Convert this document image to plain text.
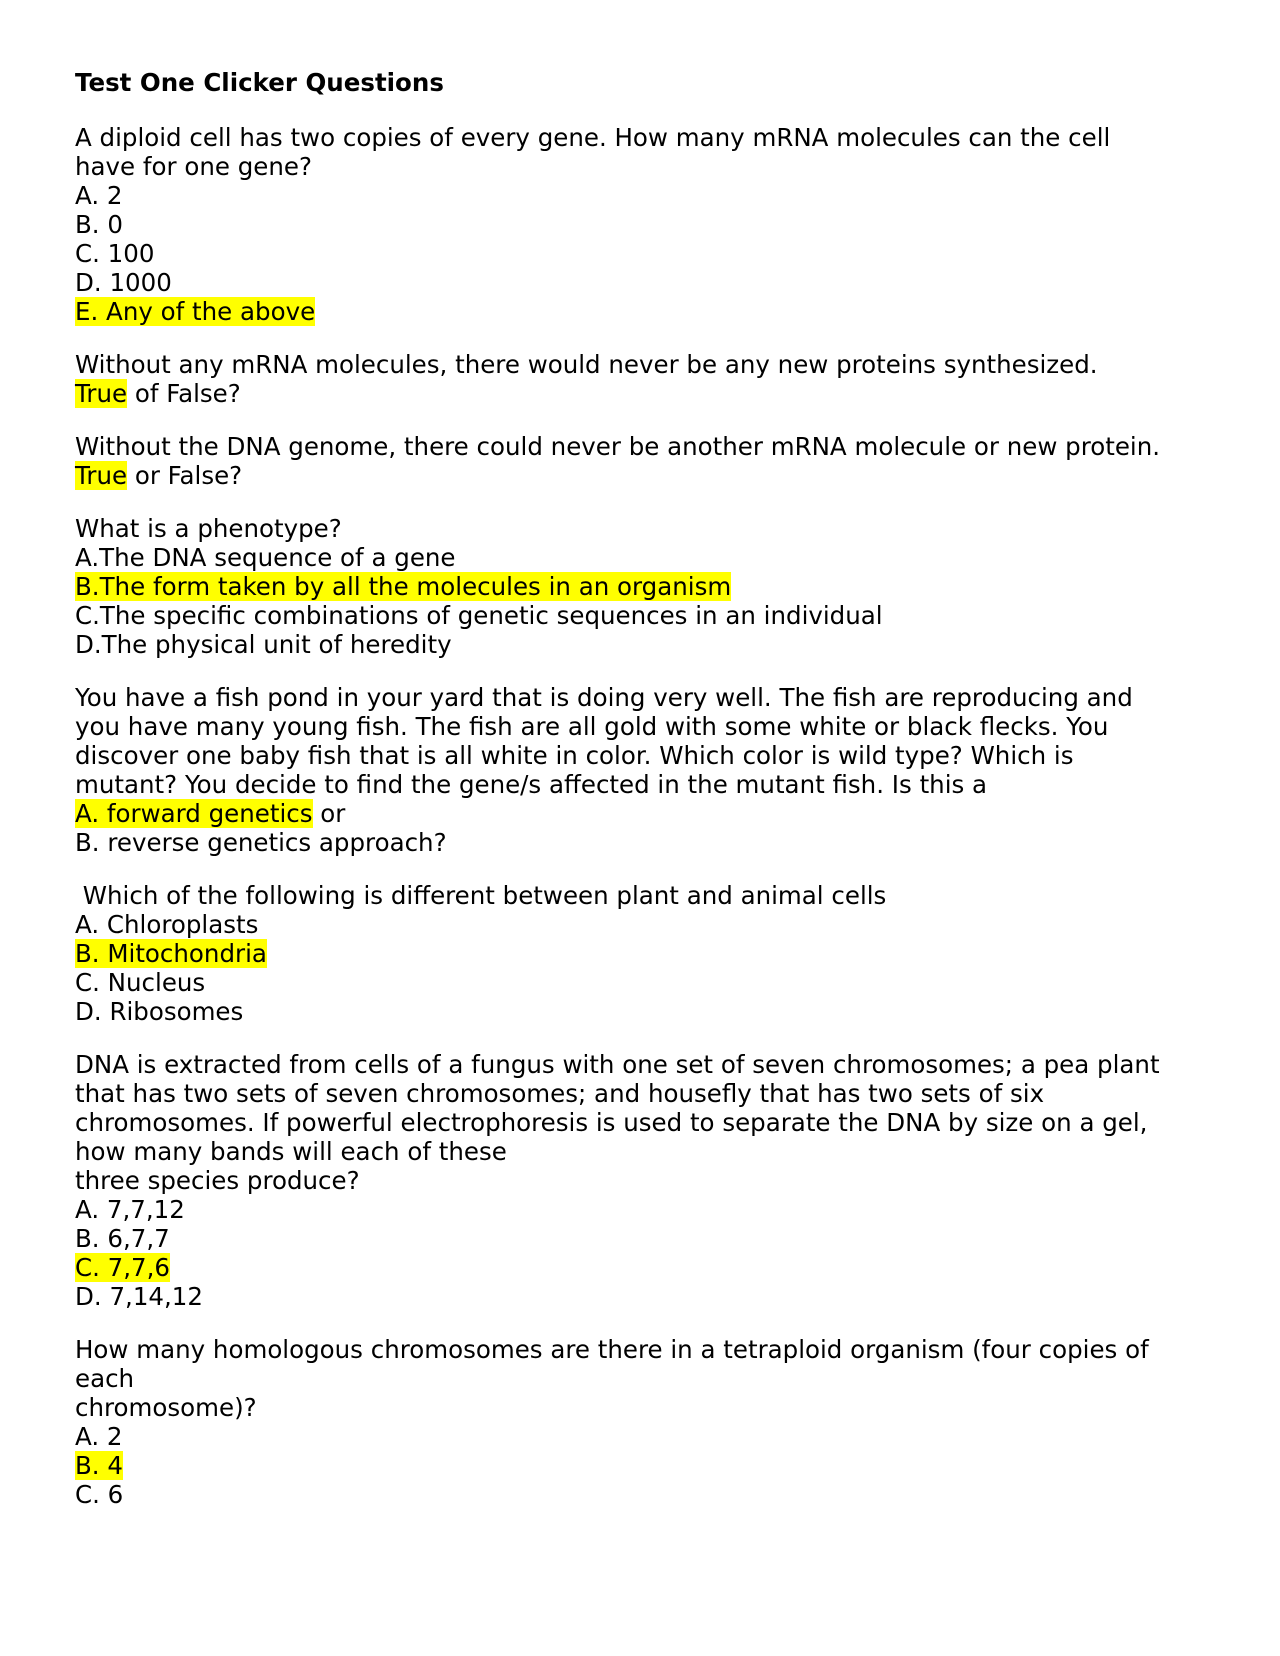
Test One Clicker Questions
A diploid cell has two copies of every gene. How many mRNA molecules can the cell
have for one gene?
A. 2
B. 0
C. 100
D. 1000
E. Any of the above
Without any mRNA molecules, there would never be any new proteins synthesized.
True of False?
Without the DNA genome, there could never be another mRNA molecule or new protein.
True or False?
What is a phenotype?
A.The DNA sequence of a gene
B.The form taken by all the molecules in an organism
C.The specific combinations of genetic sequences in an individual
D.The physical unit of heredity
You have a fish pond in your yard that is doing very well. The fish are reproducing and
you have many young fish. The fish are all gold with some white or black flecks. You
discover one baby fish that is all white in color. Which color is wild type? Which is
mutant? You decide to find the gene/s affected in the mutant fish. Is this a
A. forward genetics or
B. reverse genetics approach?
Which of the following is different between plant and animal cells
A. Chloroplasts
B. Mitochondria
C. Nucleus
D. Ribosomes
DNA is extracted from cells of a fungus with one set of seven chromosomes; a pea plant
that has two sets of seven chromosomes; and housefly that has two sets of six
chromosomes. If powerful electrophoresis is used to separate the DNA by size on a gel,
how many bands will each of these
three species produce?
A. 7,7,12
B. 6,7,7
C. 7,7,6
D. 7,14,12
How many homologous chromosomes are there in a tetraploid organism (four copies of
each
chromosome)?
A. 2
B. 4
C. 6
